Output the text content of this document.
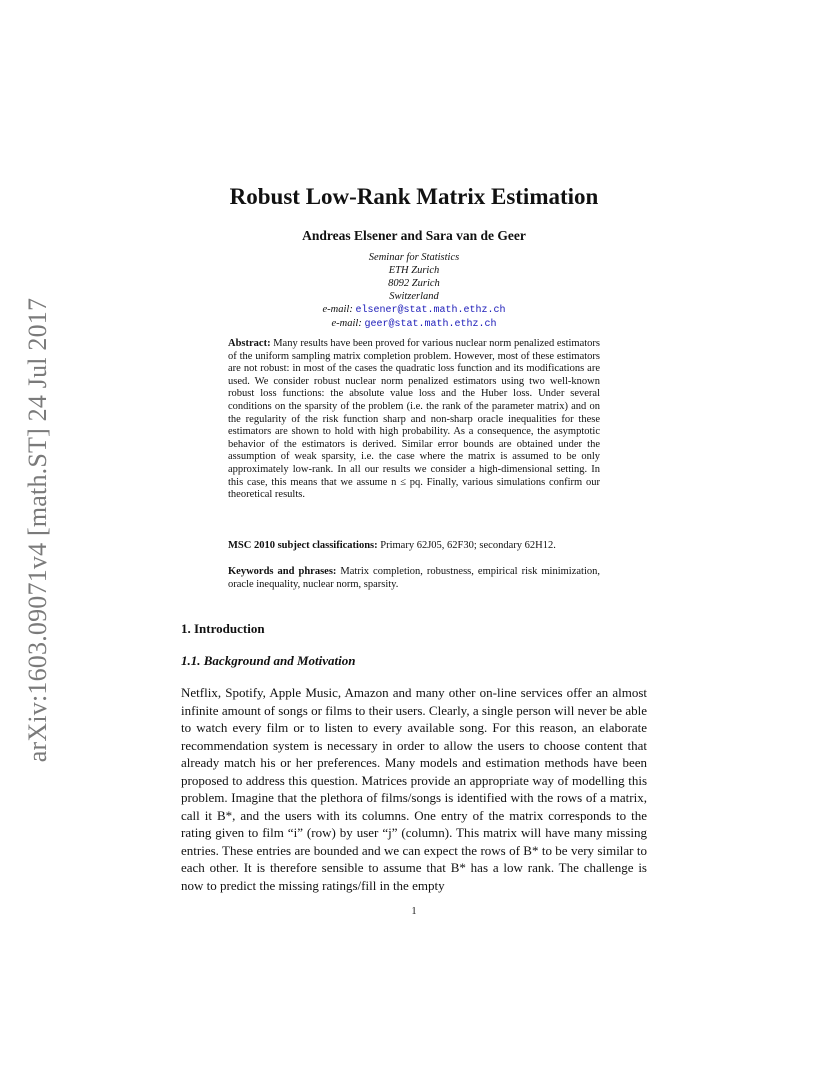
arXiv:1603.09071v4 [math.ST] 24 Jul 2017
Robust Low-Rank Matrix Estimation
Andreas Elsener and Sara van de Geer
Seminar for Statistics
ETH Zurich
8092 Zurich
Switzerland
e-mail: elsener@stat.math.ethz.ch
e-mail: geer@stat.math.ethz.ch

Abstract: Many results have been proved for various nuclear norm penalized estimators of the uniform sampling matrix completion problem. However, most of these estimators are not robust: in most of the cases the quadratic loss function and its modifications are used. We consider robust nuclear norm penalized estimators using two well-known robust loss functions: the absolute value loss and the Huber loss. Under several conditions on the sparsity of the problem (i.e. the rank of the parameter matrix) and on the regularity of the risk function sharp and non-sharp oracle inequalities for these estimators are shown to hold with high probability. As a consequence, the asymptotic behavior of the estimators is derived. Similar error bounds are obtained under the assumption of weak sparsity, i.e. the case where the matrix is assumed to be only approximately low-rank. In all our results we consider a high-dimensional setting. In this case, this means that we assume n ≤ pq. Finally, various simulations confirm our theoretical results.

MSC 2010 subject classifications: Primary 62J05, 62F30; secondary 62H12.

Keywords and phrases: Matrix completion, robustness, empirical risk minimization, oracle inequality, nuclear norm, sparsity.

1. Introduction
1.1. Background and Motivation

Netflix, Spotify, Apple Music, Amazon and many other on-line services offer an almost infinite amount of songs or films to their users. Clearly, a single person will never be able to watch every film or to listen to every available song. For this reason, an elaborate recommendation system is necessary in order to allow the users to choose content that already match his or her preferences. Many models and estimation methods have been proposed to address this question. Matrices provide an appropriate way of modelling this problem. Imagine that the plethora of films/songs is identified with the rows of a matrix, call it B*, and the users with its columns. One entry of the matrix corresponds to the rating given to film “i” (row) by user “j” (column). This matrix will have many missing entries. These entries are bounded and we can expect the rows of B* to be very similar to each other. It is therefore sensible to assume that B* has a low rank. The challenge is now to predict the missing ratings/fill in the empty

1
